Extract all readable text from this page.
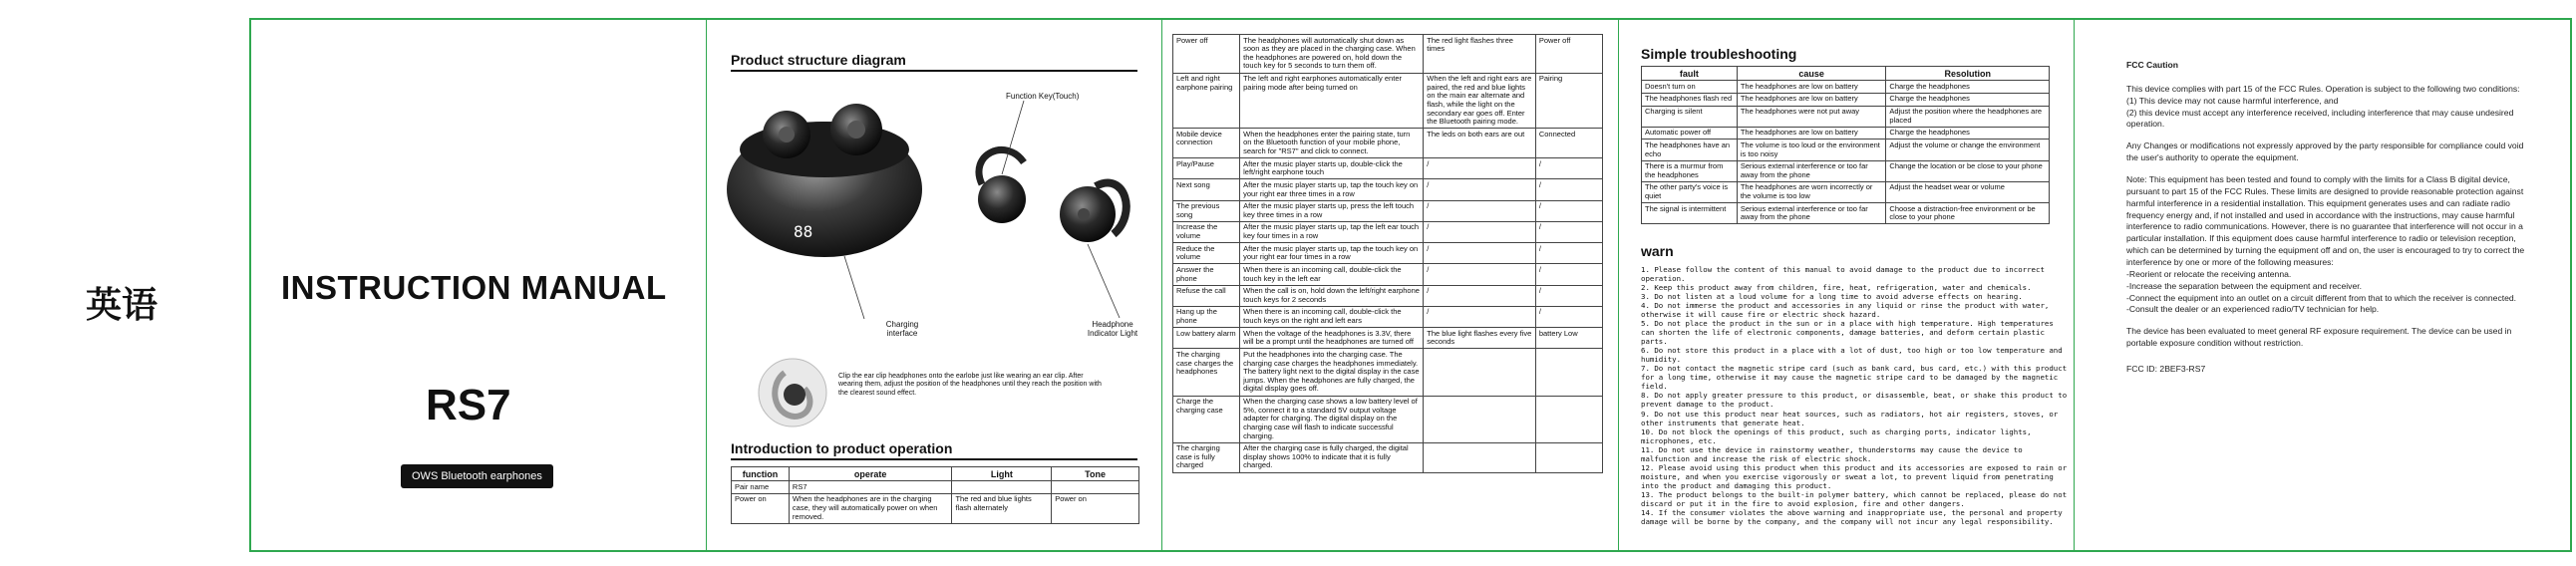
英语	INSTRUCTION MANUAL
RS7
OWS Bluetooth earphones
Product structure diagram
88
Function Key(Touch)
Charging interface
Headphone Indicator Light
Clip the ear clip headphones onto the earlobe just like wearing an ear clip. After wearing them, adjust the position of the headphones until they reach the position with the clearest sound effect.
Introduction to product operation
function	operate	Light	Tone
Pair name	RS7		
Power on	When the headphones are in the charging case, they will automatically power on when removed.	The red and blue lights flash alternately	Power on
Power off	The headphones will automatically shut down as soon as they are placed in the charging case. When the headphones are powered on, hold down the touch key for 5 seconds to turn them off.	The red light flashes three times	Power off
Left and right earphone pairing	The left and right earphones automatically enter pairing mode after being turned on	When the left and right ears are paired, the red and blue lights on the main ear alternate and flash, while the light on the secondary ear goes off. Enter the Bluetooth pairing mode.	Pairing
Mobile device connection	When the headphones enter the pairing state, turn on the Bluetooth function of your mobile phone, search for "RS7" and click to connect.	The leds on both ears are out	Connected
Play/Pause	After the music player starts up, double-click the left/right earphone touch	/	/
Next song	After the music player starts up, tap the touch key on your right ear three times in a row	/	/
The previous song	After the music player starts up, press the left touch key three times in a row	/	/
Increase the volume	After the music player starts up, tap the left ear touch key four times in a row	/	/
Reduce the volume	After the music player starts up, tap the touch key on your right ear four times in a row	/	/
Answer the phone	When there is an incoming call, double-click the touch key in the left ear	/	/
Refuse the call	When the call is on, hold down the left/right earphone touch keys for 2 seconds	/	/
Hang up the phone	When there is an incoming call, double-click the touch keys on the right and left ears	/	/
Low battery alarm	When the voltage of the headphones is 3.3V, there will be a prompt until the headphones are turned off	The blue light flashes every five seconds	battery Low
The charging case charges the headphones	Put the headphones into the charging case. The charging case charges the headphones immediately. The battery light next to the digital display in the case jumps. When the headphones are fully charged, the digital display goes off.		
Charge the charging case	When the charging case shows a low battery level of 5%, connect it to a standard 5V output voltage adapter for charging. The digital display on the charging case will flash to indicate successful charging.		
The charging case is fully charged	After the charging case is fully charged, the digital display shows 100% to indicate that it is fully charged.		
Simple troubleshooting
fault	cause	Resolution
Doesn't turn on	The headphones are low on battery	Charge the headphones
The headphones flash red	The headphones are low on battery	Charge the headphones
Charging is silent	The headphones were not put away	Adjust the position where the headphones are placed
Automatic power off	The headphones are low on battery	Charge the headphones
The headphones have an echo	The volume is too loud or the environment is too noisy	Adjust the volume or change the environment
There is a murmur from the headphones	Serious external interference or too far away from the phone	Change the location or be close to your phone
The other party's voice is quiet	The headphones are worn incorrectly or the volume is too low	Adjust the headset wear or volume
The signal is intermittent	Serious external interference or too far away from the phone	Choose a distraction-free environment or be close to your phone
warn

1. Please follow the content of this manual to avoid damage to the product due to incorrect operation.

2. Keep this product away from children, fire, heat, refrigeration, water and chemicals.

3. Do not listen at a loud volume for a long time to avoid adverse effects on hearing.

4. Do not immerse the product and accessories in any liquid or rinse the product with water, otherwise it will cause fire or electric shock hazard.

5. Do not place the product in the sun or in a place with high temperature. High temperatures can shorten the life of electronic components, damage batteries, and deform certain plastic parts.

6. Do not store this product in a place with a lot of dust, too high or too low temperature and humidity.

7. Do not contact the magnetic stripe card (such as bank card, bus card, etc.) with this product for a long time, otherwise it may cause the magnetic stripe card to be damaged by the magnetic field.

8. Do not apply greater pressure to this product, or disassemble, beat, or shake this product to prevent damage to the product.

9. Do not use this product near heat sources, such as radiators, hot air registers, stoves, or other instruments that generate heat.

10. Do not block the openings of this product, such as charging ports, indicator lights, microphones, etc.

11. Do not use the device in rainstormy weather, thunderstorms may cause the device to malfunction and increase the risk of electric shock.

12. Please avoid using this product when this product and its accessories are exposed to rain or moisture, and when you exercise vigorously or sweat a lot, to prevent liquid from penetrating into the product and damaging this product.

13. The product belongs to the built-in polymer battery, which cannot be replaced, please do not discard or put it in the fire to avoid explosion, fire and other dangers.

14. If the consumer violates the above warning and inappropriate use, the personal and property damage will be borne by the company, and the company will not incur any legal responsibility.

FCC Caution

This device complies with part 15 of the FCC Rules. Operation is subject to the following two conditions:
(1) This device may not cause harmful interference, and
(2) this device must accept any interference received, including interference that may cause undesired operation.

Any Changes or modifications not expressly approved by the party responsible for compliance could void the user's authority to operate the equipment.

Note: This equipment has been tested and found to comply with the limits for a Class B digital device, pursuant to part 15 of the FCC Rules. These limits are designed to provide reasonable protection against harmful interference in a residential installation. This equipment generates uses and can radiate radio frequency energy and, if not installed and used in accordance with the instructions, may cause harmful interference to radio communications. However, there is no guarantee that interference will not occur in a particular installation. If this equipment does cause harmful interference to radio or television reception, which can be determined by turning the equipment off and on, the user is encouraged to try to correct the interference by one or more of the following measures:
-Reorient or relocate the receiving antenna.
-Increase the separation between the equipment and receiver.
-Connect the equipment into an outlet on a circuit different from that to which the receiver is connected.
-Consult the dealer or an experienced radio/TV technician for help.

The device has been evaluated to meet general RF exposure requirement. The device can be used in portable exposure condition without restriction.

FCC ID: 2BEF3-RS7
